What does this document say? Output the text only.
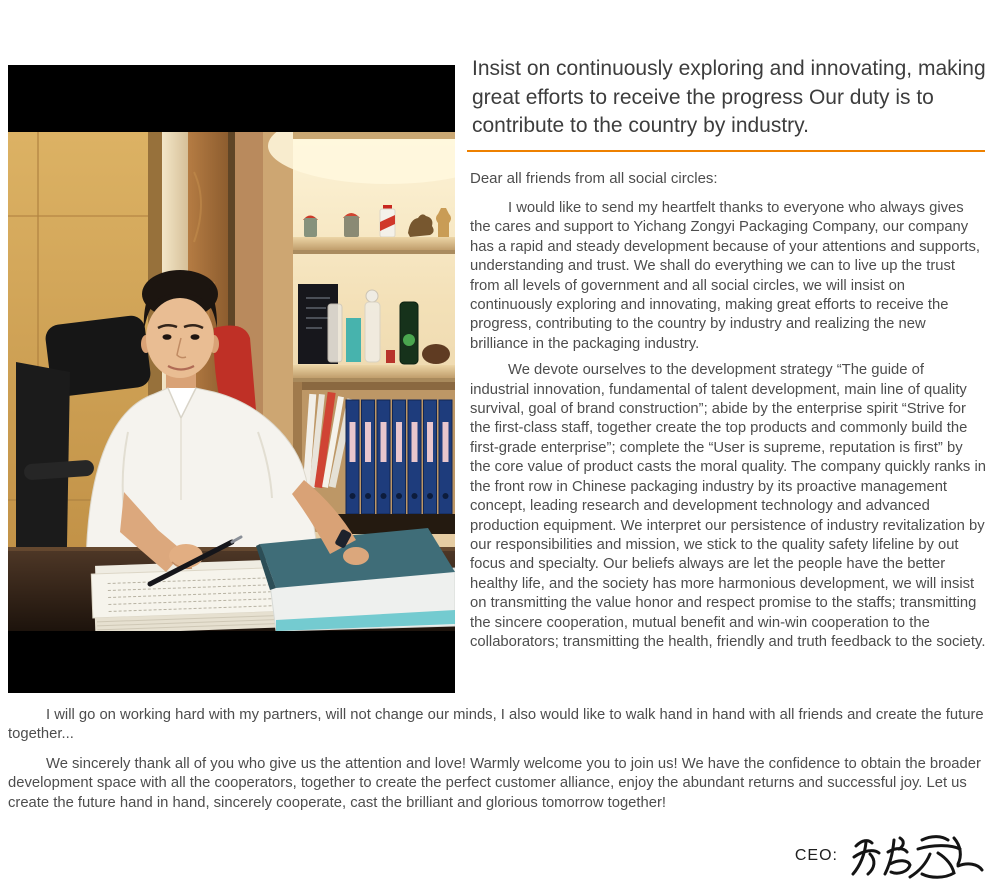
Insist on continuously exploring and innovating, making great efforts to receive the progress Our duty is to contribute to the country by industry.
Dear all friends from all social circles:

I would like to send my heartfelt thanks to everyone who always gives the cares and support to Yichang Zongyi Packaging Company, our company has a rapid and steady development because of your attentions and supports, understanding and trust. We shall do everything we can to live up the trust from all levels of government and all social circles, we will insist on continuously exploring and innovating, making great efforts to receive the progress, contributing to the country by industry and realizing the new brilliance in the packaging industry.

We devote ourselves to the development strategy “The guide of industrial innovation, fundamental of talent development, main line of quality survival, goal of brand construction”; abide by the enterprise spirit “Strive for the first-class staff, together create the top products and commonly build the first-grade enterprise”; complete the “User is supreme, reputation is first” by the core value of product casts the moral quality. The company quickly ranks in the front row in Chinese packaging industry by its proactive management concept, leading research and development technology and advanced production equipment. We interpret our persistence of industry revitalization by our responsibilities and mission, we stick to the quality safety lifeline by out focus and specialty. Our beliefs always are let the people have the better healthy life, and the society has more harmonious development, we will insist on transmitting the value honor and respect promise to the staffs; transmitting the sincere cooperation, mutual benefit and win-win cooperation to the collaborators; transmitting the health, friendly and truth feedback to the society.

I will go on working hard with my partners, will not change our minds, I also would like to walk hand in hand with all friends and create the future together...

We sincerely thank all of you who give us the attention and love! Warmly welcome you to join us! We have the confidence to obtain the broader development space with all the cooperators, together to create the perfect customer alliance, enjoy the abundant returns and successful joy. Let us create the future hand in hand, sincerely cooperate, cast the brilliant and glorious tomorrow together!

CEO:
